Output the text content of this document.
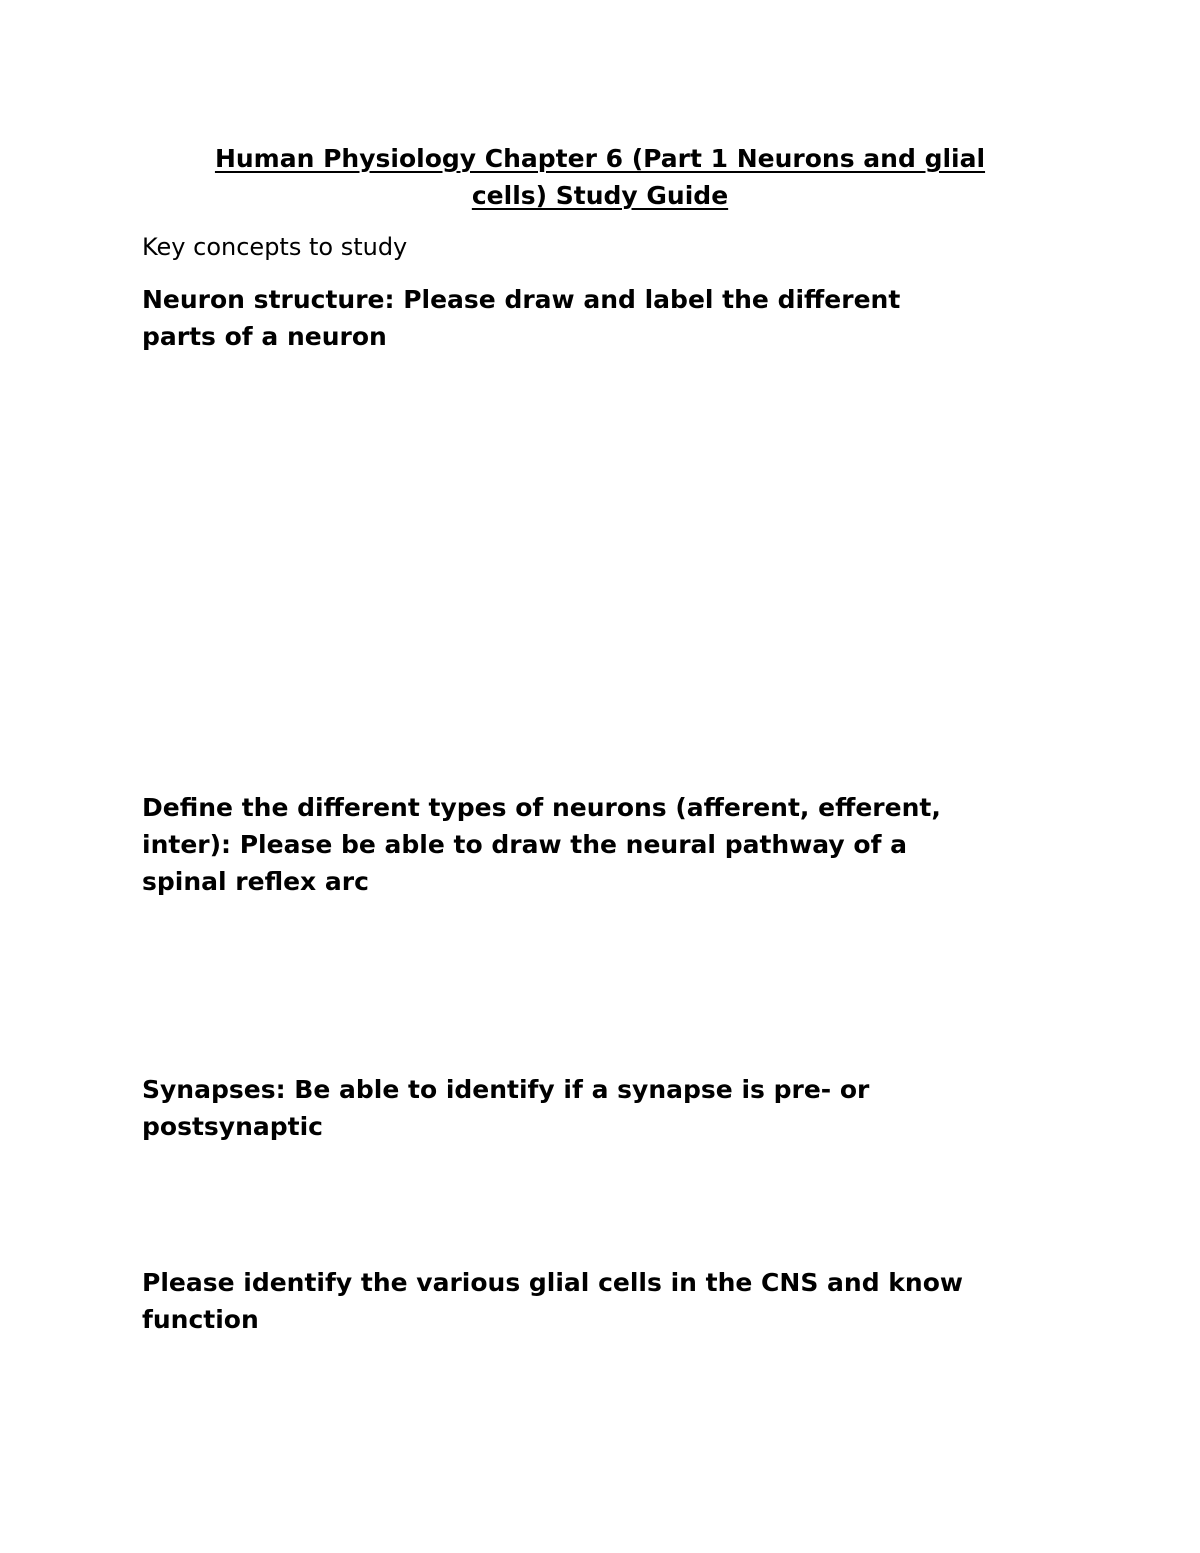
Human Physiology Chapter 6 (Part 1 Neurons and glial
cells) Study Guide

Key concepts to study

Neuron structure: Please draw and label the different
parts of a neuron

Define the different types of neurons (afferent, efferent,
inter): Please be able to draw the neural pathway of a
spinal reflex arc

Synapses: Be able to identify if a synapse is pre- or
postsynaptic

Please identify the various glial cells in the CNS and know
function
